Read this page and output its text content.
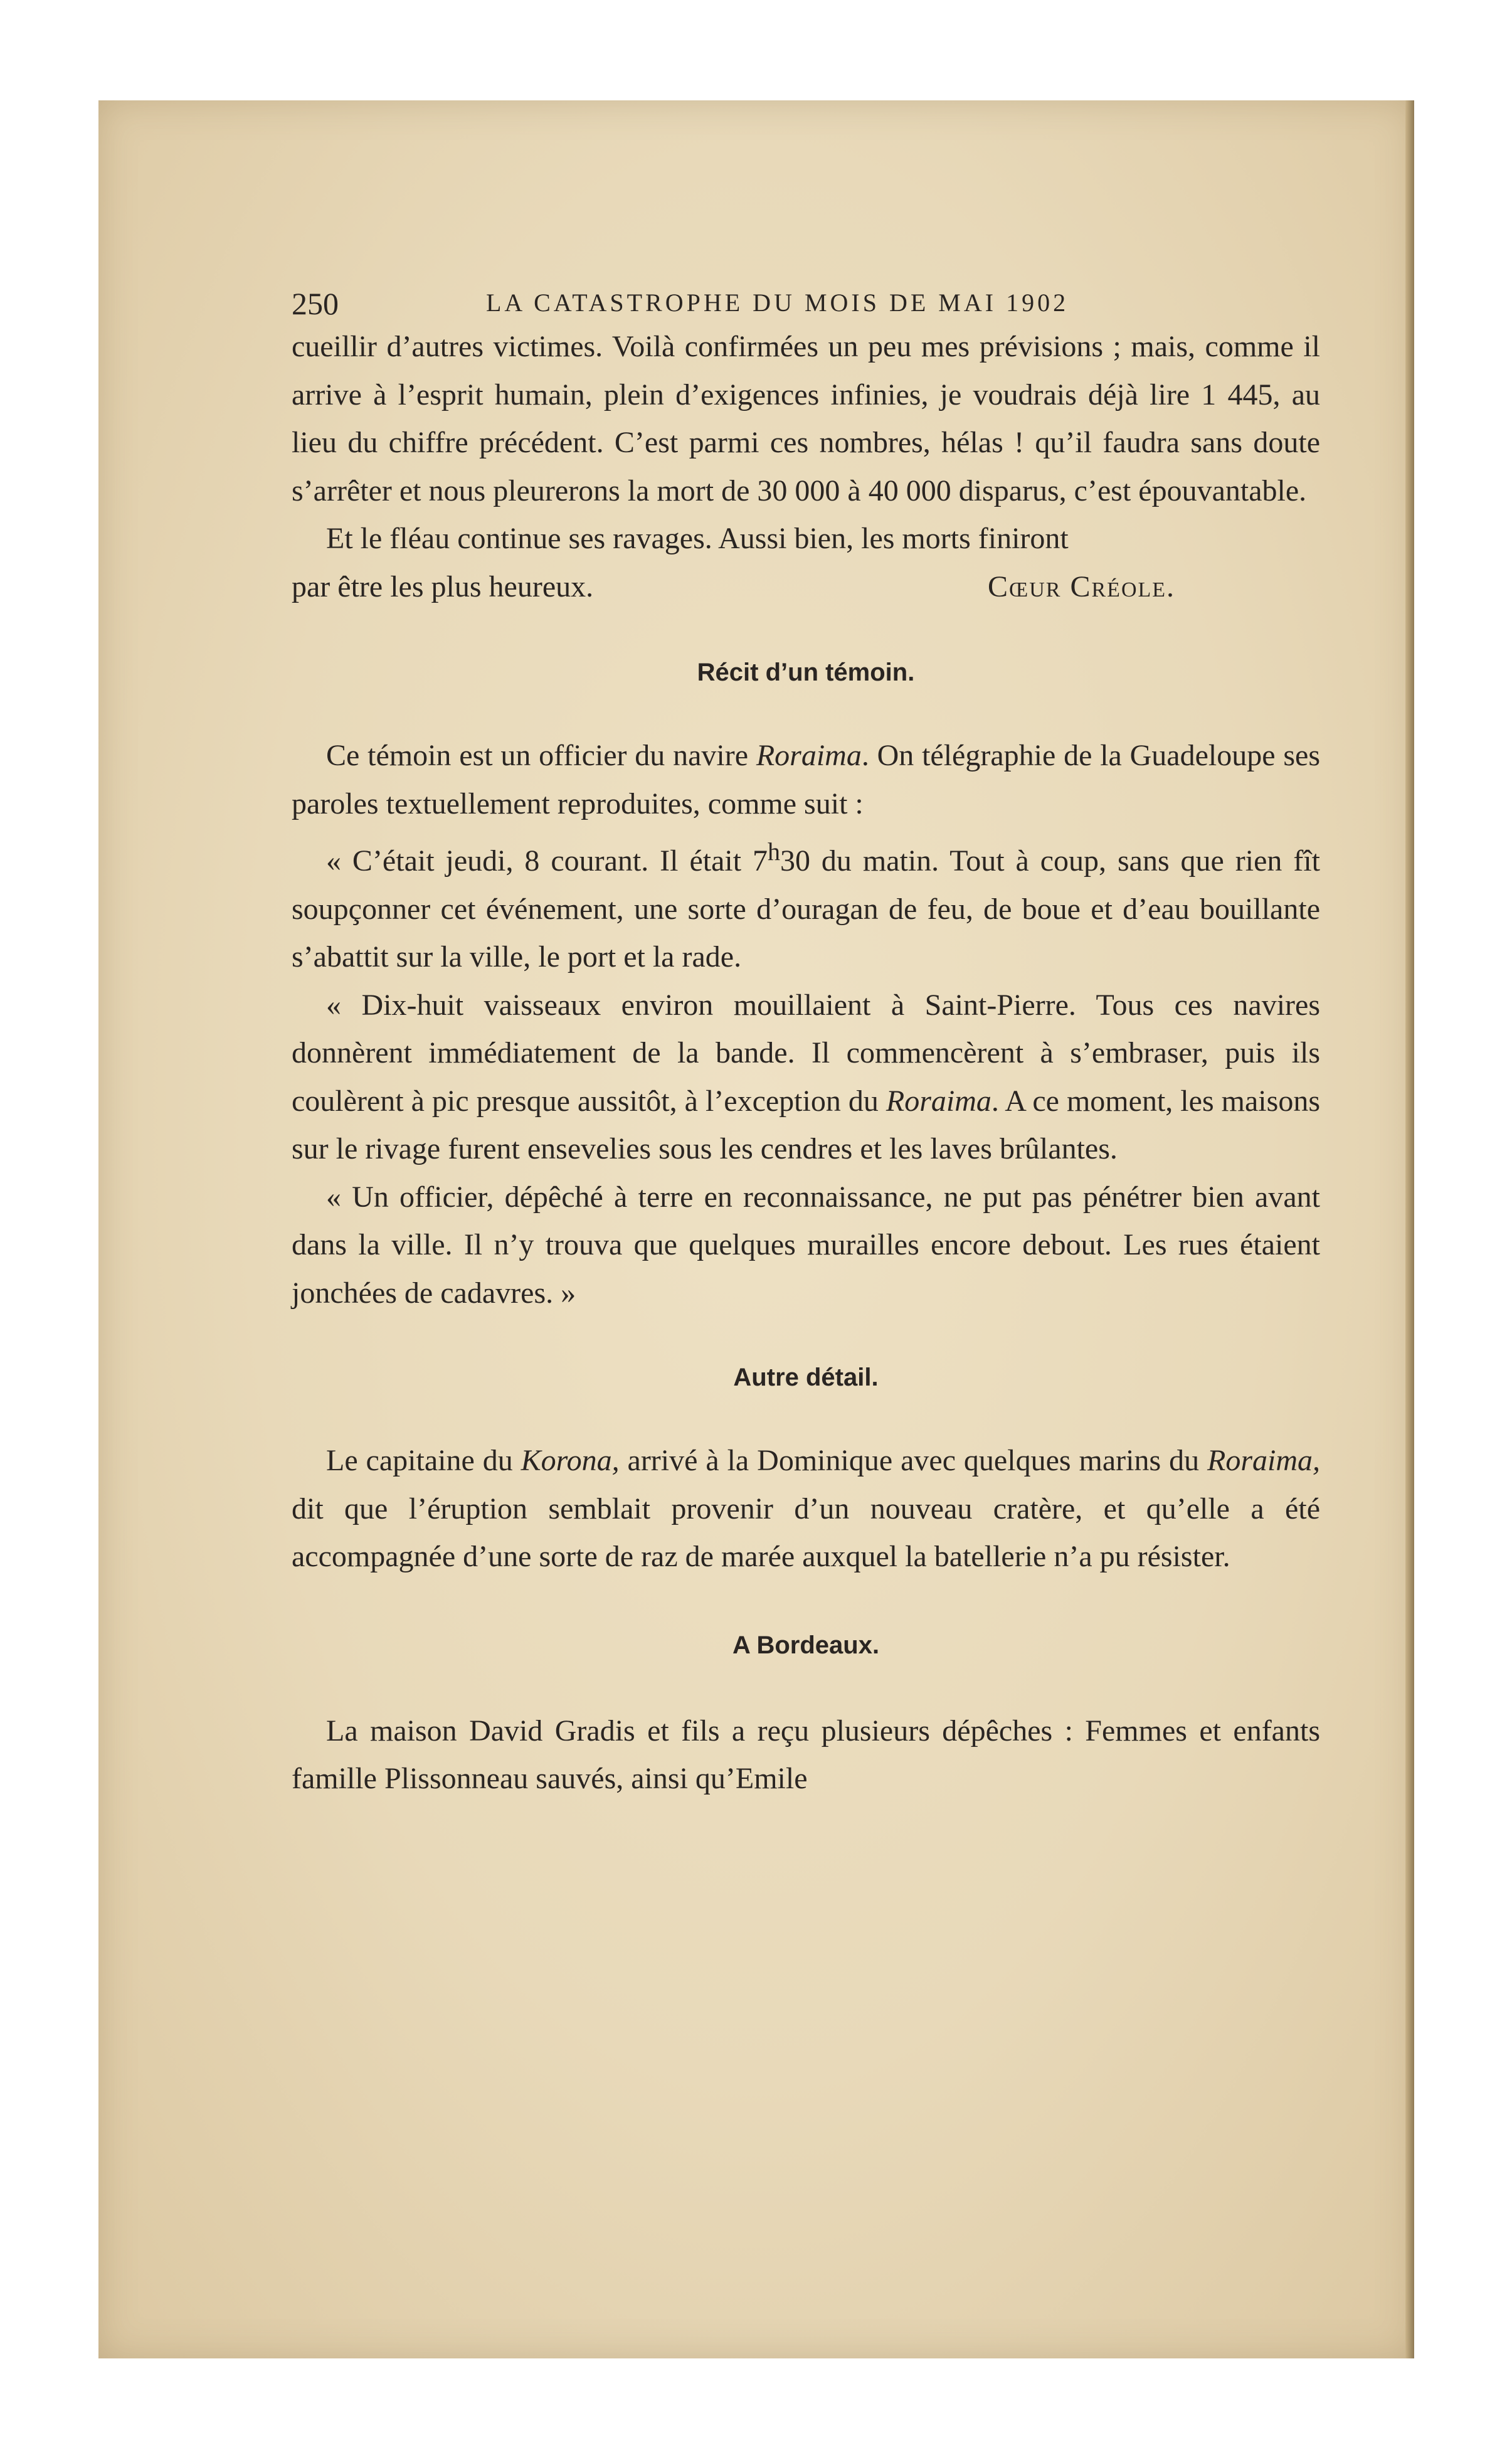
250	LA CATASTROPHE DU MOIS DE MAI 1902

cueillir d’autres victimes. Voilà confirmées un peu mes prévisions ; mais, comme il arrive à l’esprit humain, plein d’exigences infinies, je voudrais déjà lire 1 445, au lieu du chiffre précédent. C’est parmi ces nombres, hélas ! qu’il faudra sans doute s’arrêter et nous pleurerons la mort de 30 000 à 40 000 disparus, c’est épouvantable.

Et le fléau continue ses ravages. Aussi bien, les morts finiront

par être les plus heureux.	Cœur Créole.
Récit d’un témoin.

Ce témoin est un officier du navire Roraima. On télégraphie de la Guadeloupe ses paroles textuellement reproduites, comme suit :

« C’était jeudi, 8 courant. Il était 7$^h$30 du matin. Tout à coup, sans que rien fît soupçonner cet événement, une sorte d’ouragan de feu, de boue et d’eau bouillante s’abattit sur la ville, le port et la rade.

« Dix-huit vaisseaux environ mouillaient à Saint-Pierre. Tous ces navires donnèrent immédiatement de la bande. Il commencèrent à s’embraser, puis ils coulèrent à pic presque aussitôt, à l’exception du Roraima. A ce moment, les maisons sur le rivage furent ensevelies sous les cendres et les laves brûlantes.

« Un officier, dépêché à terre en reconnaissance, ne put pas pénétrer bien avant dans la ville. Il n’y trouva que quelques murailles encore debout. Les rues étaient jonchées de cadavres. »

Autre détail.

Le capitaine du Korona, arrivé à la Dominique avec quelques marins du Roraima, dit que l’éruption semblait provenir d’un nouveau cratère, et qu’elle a été accompagnée d’une sorte de raz de marée auxquel la batellerie n’a pu résister.

A Bordeaux.

La maison David Gradis et fils a reçu plusieurs dépêches : Femmes et enfants famille Plissonneau sauvés, ainsi qu’Emile
